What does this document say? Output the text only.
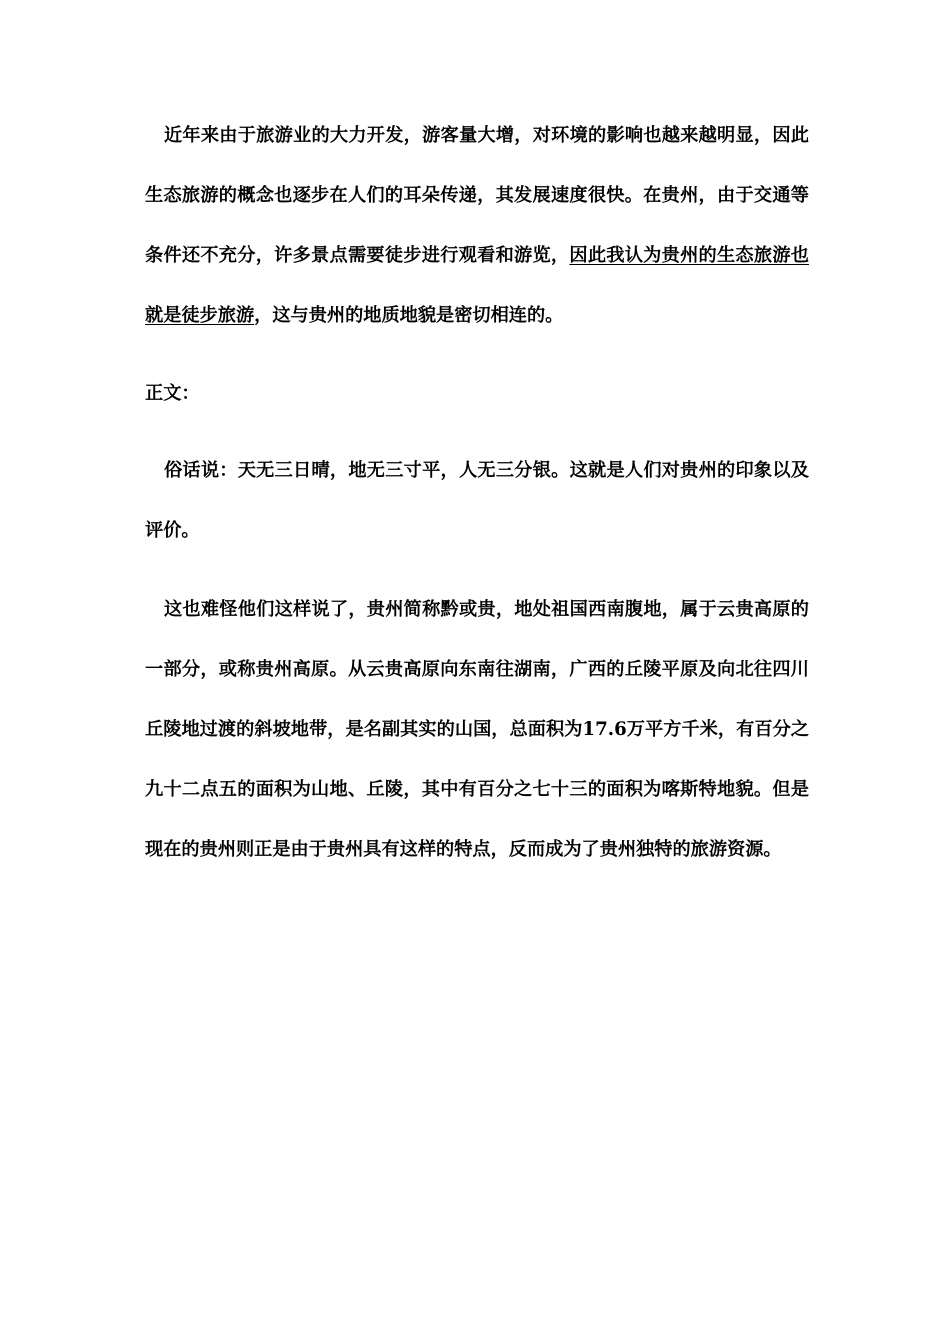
近年来由于旅游业的大力开发，游客量大增，对环境的影响也越来越明显，因此生态旅游的概念也逐步在人们的耳朵传递，其发展速度很快。在贵州，由于交通等条件还不充分，许多景点需要徒步进行观看和游览，因此我认为贵州的生态旅游也就是徒步旅游，这与贵州的地质地貌是密切相连的。

正文：

俗话说：天无三日晴，地无三寸平，人无三分银。这就是人们对贵州的印象以及评价。

这也难怪他们这样说了，贵州简称黔或贵，地处祖国西南腹地，属于云贵高原的一部分，或称贵州高原。从云贵高原向东南往湖南，广西的丘陵平原及向北往四川丘陵地过渡的斜坡地带，是名副其实的山国，总面积为17.6万平方千米，有百分之九十二点五的面积为山地、丘陵，其中有百分之七十三的面积为喀斯特地貌。但是现在的贵州则正是由于贵州具有这样的特点，反而成为了贵州独特的旅游资源。
